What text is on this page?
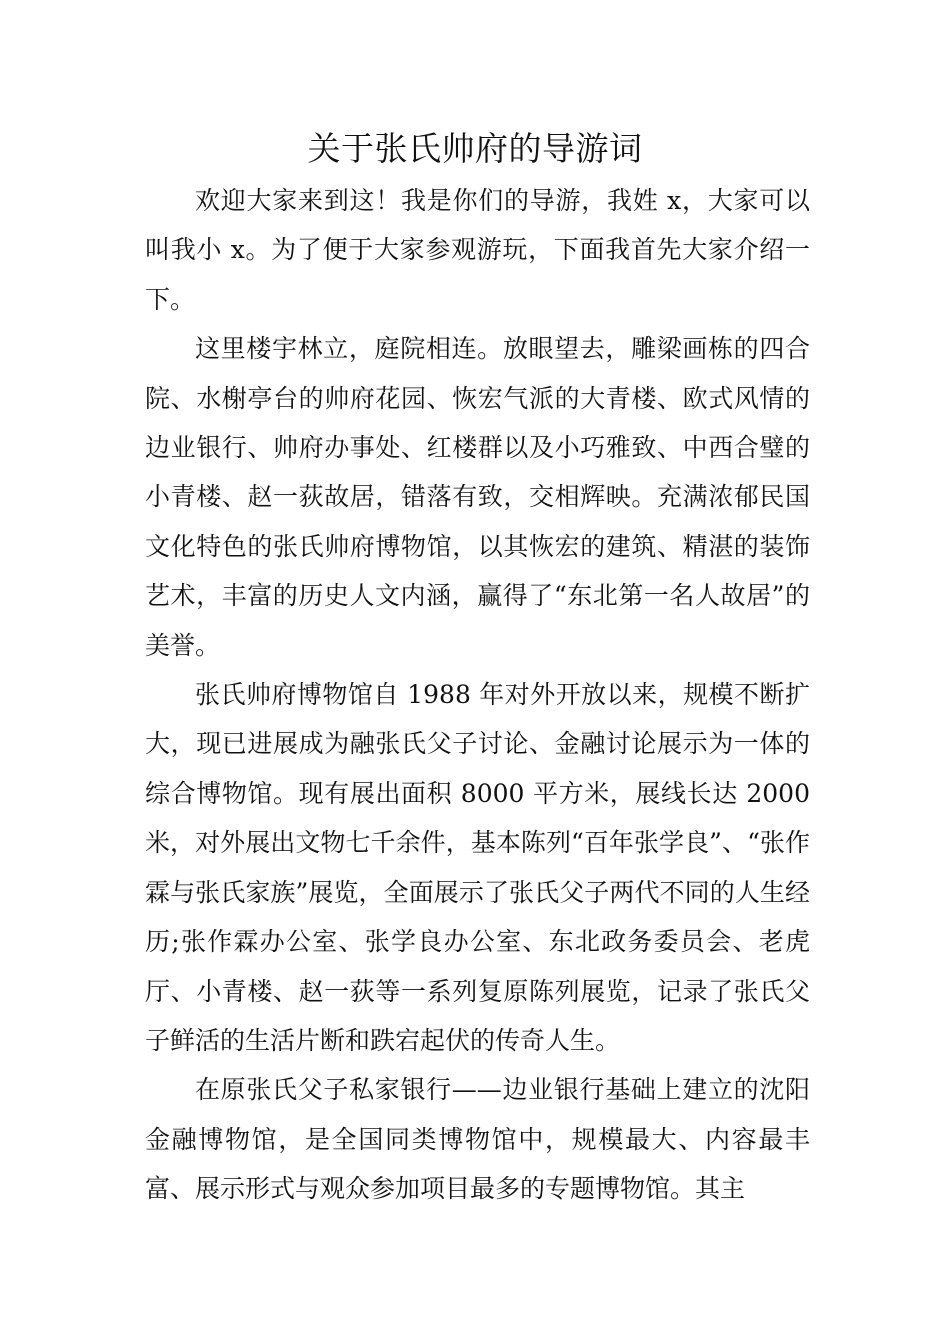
关于张氏帅府的导游词

欢迎大家来到这！我是你们的导游，我姓 x，大家可以叫我小 x。为了便于大家参观游玩，下面我首先大家介绍一下。

这里楼宇林立，庭院相连。放眼望去，雕梁画栋的四合院、水榭亭台的帅府花园、恢宏气派的大青楼、欧式风情的边业银行、帅府办事处、红楼群以及小巧雅致、中西合璧的小青楼、赵一荻故居，错落有致，交相辉映。充满浓郁民国文化特色的张氏帅府博物馆，以其恢宏的建筑、精湛的装饰艺术，丰富的历史人文内涵，赢得了“东北第一名人故居”的美誉。

张氏帅府博物馆自 1988 年对外开放以来，规模不断扩大，现已进展成为融张氏父子讨论、金融讨论展示为一体的综合博物馆。现有展出面积 8000 平方米，展线长达 2000米，对外展出文物七千余件，基本陈列“百年张学良”、“张作霖与张氏家族”展览，全面展示了张氏父子两代不同的人生经历;张作霖办公室、张学良办公室、东北政务委员会、老虎厅、小青楼、赵一荻等一系列复原陈列展览，记录了张氏父子鲜活的生活片断和跌宕起伏的传奇人生。

在原张氏父子私家银行——边业银行基础上建立的沈阳金融博物馆，是全国同类博物馆中，规模最大、内容最丰富、展示形式与观众参加项目最多的专题博物馆。其主
